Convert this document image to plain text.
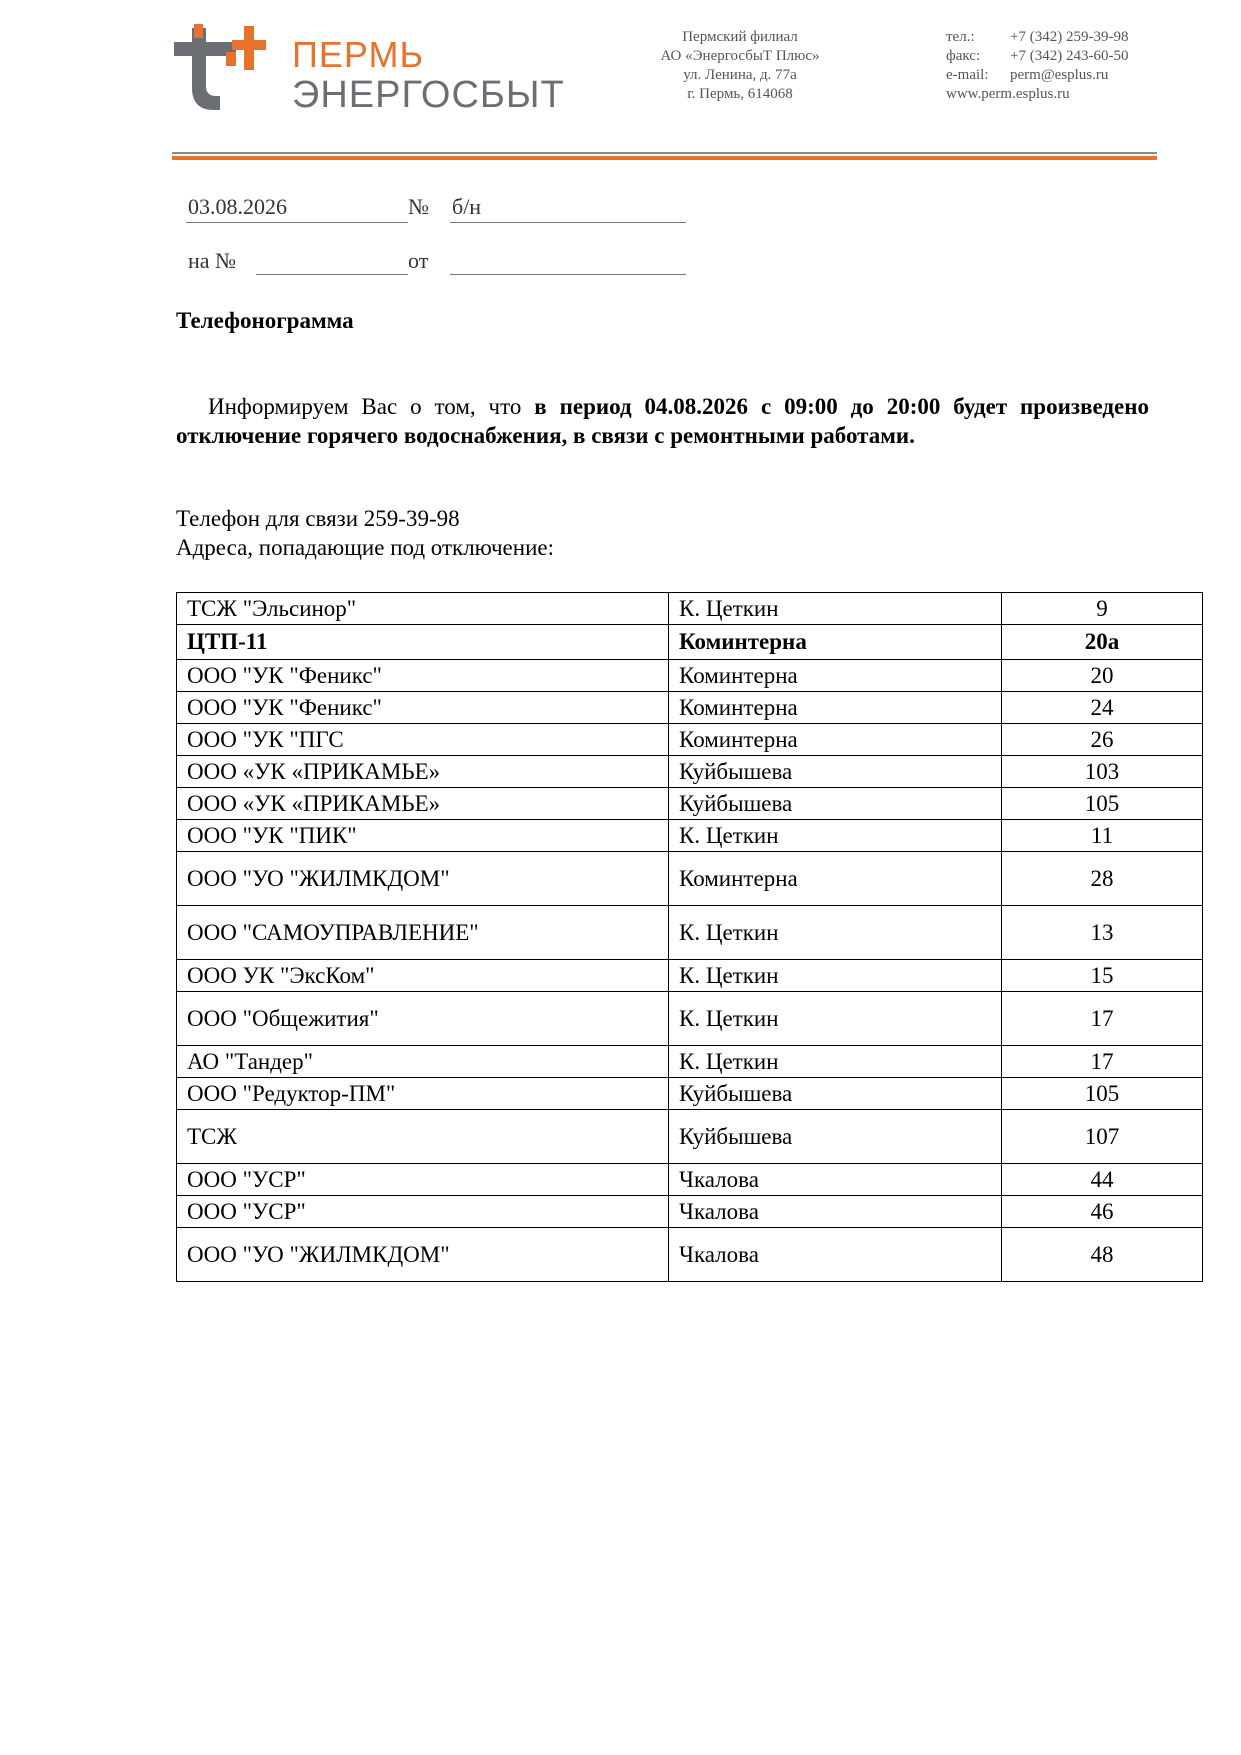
ПЕРМЬ
ЭНЕРГОСБЫТ
Пермский филиал
АО «ЭнергосбыТ Плюс»
ул. Ленина, д. 77а
г. Пермь, 614068
тел.: +7 (342) 259-39-98
факс: +7 (342) 243-60-50
e-mail: perm@esplus.ru
www.perm.esplus.ru
03.08.2026	№ б/н
на №	от
Телефонограмма
Информируем Вас о том, что в период 04.08.2026 с 09:00 до 20:00 будет произведено отключение горячего водоснабжения, в связи с ремонтными работами.
Телефон для связи 259-39-98
Адреса, попадающие под отключение:
ТСЖ "Эльсинор"	К. Цеткин	9
ЦТП-11	Коминтерна	20а
ООО "УК "Феникс"	Коминтерна	20
ООО "УК "Феникс"	Коминтерна	24
ООО "УК "ПГС	Коминтерна	26
ООО «УК «ПРИКАМЬЕ»	Куйбышева	103
ООО «УК «ПРИКАМЬЕ»	Куйбышева	105
ООО "УК "ПИК"	К. Цеткин	11
ООО "УО "ЖИЛМКДОМ"	Коминтерна	28
ООО "САМОУПРАВЛЕНИЕ"	К. Цеткин	13
ООО УК "ЭксКом"	К. Цеткин	15
ООО "Общежития"	К. Цеткин	17
АО "Тандер"	К. Цеткин	17
ООО "Редуктор-ПМ"	Куйбышева	105
ТСЖ	Куйбышева	107
ООО "УСР"	Чкалова	44
ООО "УСР"	Чкалова	46
ООО "УО "ЖИЛМКДОМ"	Чкалова	48
